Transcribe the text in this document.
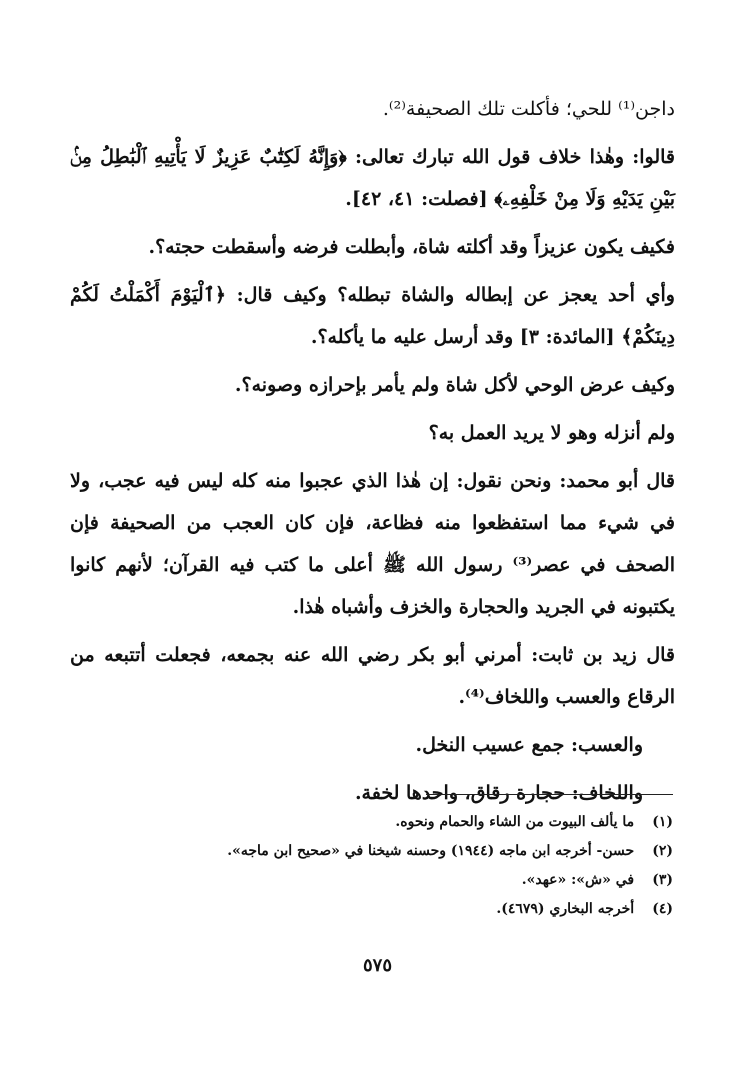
داجن⁽¹⁾ للحي؛ فأكلت تلك الصحيفة⁽²⁾.

قالوا: وهٰذا خلاف قول الله تبارك تعالى: ﴿وَإِنَّهُ لَكِتَٰبٌ عَزِيزٌ لَا يَأْتِيهِ ٱلْبَٰطِلُ مِنۢ بَيْنِ يَدَيْهِ وَلَا مِنْ خَلْفِهِۦ﴾ [فصلت: ٤١، ٤٢].

فكيف يكون عزيزاً وقد أكلته شاة، وأبطلت فرضه وأسقطت حجته؟.

وأي أحد يعجز عن إبطاله والشاة تبطله؟ وكيف قال: ﴿ٱلْيَوْمَ أَكْمَلْتُ لَكُمْ دِينَكُمْ﴾ [المائدة: ٣] وقد أرسل عليه ما يأكله؟.

وكيف عرض الوحي لأكل شاة ولم يأمر بإحرازه وصونه؟.

ولم أنزله وهو لا يريد العمل به؟

قال أبو محمد: ونحن نقول: إن هٰذا الذي عجبوا منه كله ليس فيه عجب، ولا في شيء مما استفظعوا منه فظاعة، فإن كان العجب من الصحيفة فإن الصحف في عصر⁽³⁾ رسول الله ﷺ أعلى ما كتب فيه القرآن؛ لأنهم كانوا يكتبونه في الجريد والحجارة والخزف وأشباه هٰذا.

قال زيد بن ثابت: أمرني أبو بكر رضي الله عنه بجمعه، فجعلت أتتبعه من الرقاع والعسب واللخاف⁽⁴⁾.

والعسب: جمع عسيب النخل.

واللخاف: حجارة رقاق، واحدها لخفة.

(١) ما يألف البيوت من الشاء والحمام ونحوه.
(٢) حسن- أخرجه ابن ماجه (١٩٤٤) وحسنه شيخنا في «صحيح ابن ماجه».
(٣) في «ش»: «عهد».
(٤) أخرجه البخاري (٤٦٧٩).
٥٧٥
